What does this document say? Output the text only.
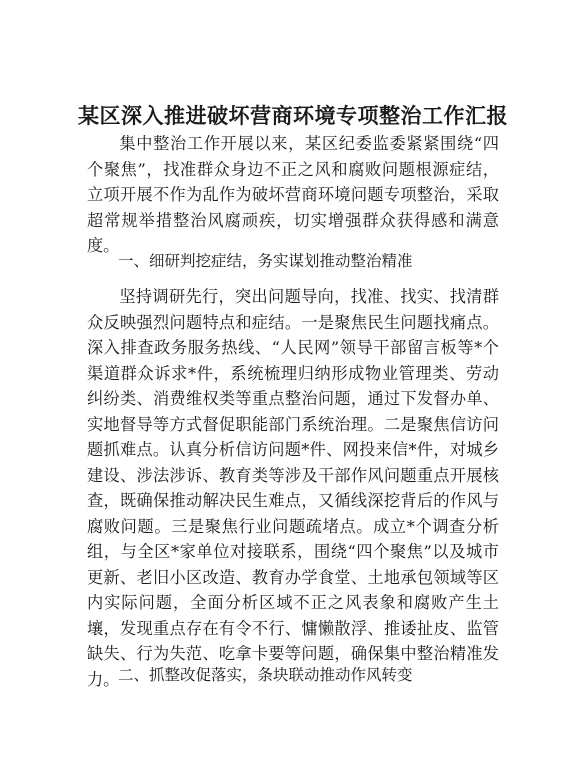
某区深入推进破坏营商环境专项整治工作汇报

集中整治工作开展以来，某区纪委监委紧紧围绕“四个聚焦”，找准群众身边不正之风和腐败问题根源症结，立项开展不作为乱作为破坏营商环境问题专项整治，采取超常规举措整治风腐顽疾，切实增强群众获得感和满意度。

一、细研判挖症结，务实谋划推动整治精准

坚持调研先行，突出问题导向，找准、找实、找清群众反映强烈问题特点和症结。一是聚焦民生问题找痛点。深入排查政务服务热线、“人民网”领导干部留言板等*个渠道群众诉求*件，系统梳理归纳形成物业管理类、劳动纠纷类、消费维权类等重点整治问题，通过下发督办单、实地督导等方式督促职能部门系统治理。二是聚焦信访问题抓难点。认真分析信访问题*件、网投来信*件，对城乡建设、涉法涉诉、教育类等涉及干部作风问题重点开展核查，既确保推动解决民生难点，又循线深挖背后的作风与腐败问题。三是聚焦行业问题疏堵点。成立*个调查分析组，与全区*家单位对接联系，围绕“四个聚焦”以及城市更新、老旧小区改造、教育办学食堂、土地承包领域等区内实际问题，全面分析区域不正之风表象和腐败产生土壤，发现重点存在有令不行、慵懒散浮、推诿扯皮、监管缺失、行为失范、吃拿卡要等问题，确保集中整治精准发力。

二、抓整改促落实，条块联动推动作风转变
